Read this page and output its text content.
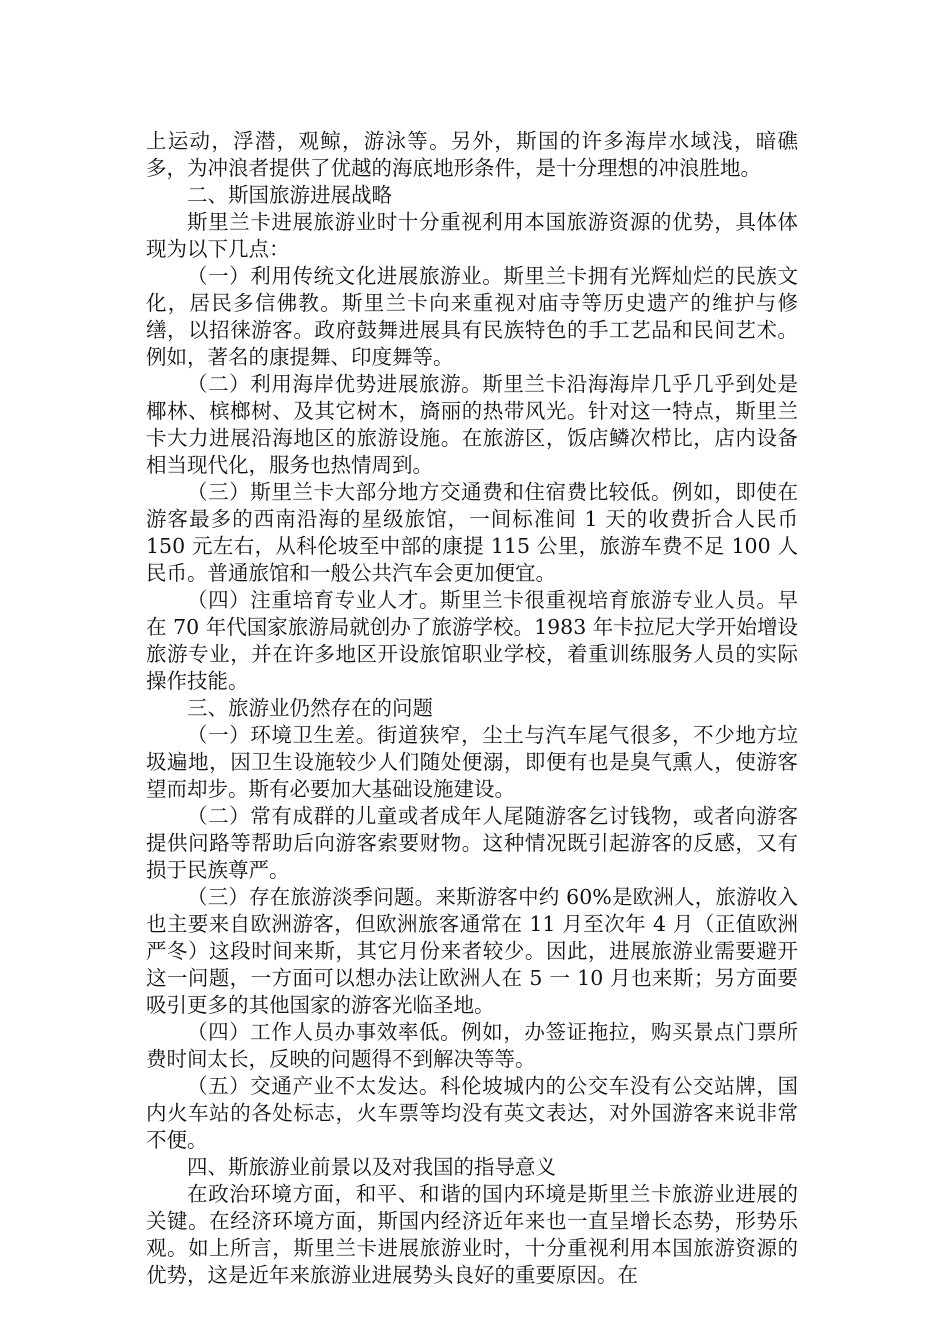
上运动，浮潜，观鲸，游泳等。另外，斯国的许多海岸水域浅，暗礁多，为冲浪者提供了优越的海底地形条件，是十分理想的冲浪胜地。

二、斯国旅游进展战略

斯里兰卡进展旅游业时十分重视利用本国旅游资源的优势，具体体现为以下几点：

（一）利用传统文化进展旅游业。斯里兰卡拥有光辉灿烂的民族文化，居民多信佛教。斯里兰卡向来重视对庙寺等历史遗产的维护与修缮，以招徕游客。政府鼓舞进展具有民族特色的手工艺品和民间艺术。例如，著名的康提舞、印度舞等。

（二）利用海岸优势进展旅游。斯里兰卡沿海海岸几乎几乎到处是椰林、槟榔树、及其它树木，旖丽的热带风光。针对这一特点，斯里兰卡大力进展沿海地区的旅游设施。在旅游区，饭店鳞次栉比，店内设备相当现代化，服务也热情周到。

（三）斯里兰卡大部分地方交通费和住宿费比较低。例如，即使在游客最多的西南沿海的星级旅馆，一间标准间 1 天的收费折合人民币 150 元左右，从科伦坡至中部的康提 115 公里，旅游车费不足 100 人民币。普通旅馆和一般公共汽车会更加便宜。

（四）注重培育专业人才。斯里兰卡很重视培育旅游专业人员。早在 70 年代国家旅游局就创办了旅游学校。1983 年卡拉尼大学开始增设旅游专业，并在许多地区开设旅馆职业学校，着重训练服务人员的实际操作技能。

三、旅游业仍然存在的问题

（一）环境卫生差。街道狭窄，尘土与汽车尾气很多，不少地方垃圾遍地，因卫生设施较少人们随处便溺，即便有也是臭气熏人，使游客望而却步。斯有必要加大基础设施建设。

（二）常有成群的儿童或者成年人尾随游客乞讨钱物，或者向游客提供问路等帮助后向游客索要财物。这种情况既引起游客的反感，又有损于民族尊严。

（三）存在旅游淡季问题。来斯游客中约 60%是欧洲人，旅游收入也主要来自欧洲游客，但欧洲旅客通常在 11 月至次年 4 月（正值欧洲严冬）这段时间来斯，其它月份来者较少。因此，进展旅游业需要避开这一问题，一方面可以想办法让欧洲人在 5 一 10 月也来斯；另方面要吸引更多的其他国家的游客光临圣地。

（四）工作人员办事效率低。例如，办签证拖拉，购买景点门票所费时间太长，反映的问题得不到解决等等。

（五）交通产业不太发达。科伦坡城内的公交车没有公交站牌，国内火车站的各处标志，火车票等均没有英文表达，对外国游客来说非常不便。

四、斯旅游业前景以及对我国的指导意义

在政治环境方面，和平、和谐的国内环境是斯里兰卡旅游业进展的关键。在经济环境方面，斯国内经济近年来也一直呈增长态势，形势乐观。如上所言，斯里兰卡进展旅游业时，十分重视利用本国旅游资源的优势，这是近年来旅游业进展势头良好的重要原因。在
